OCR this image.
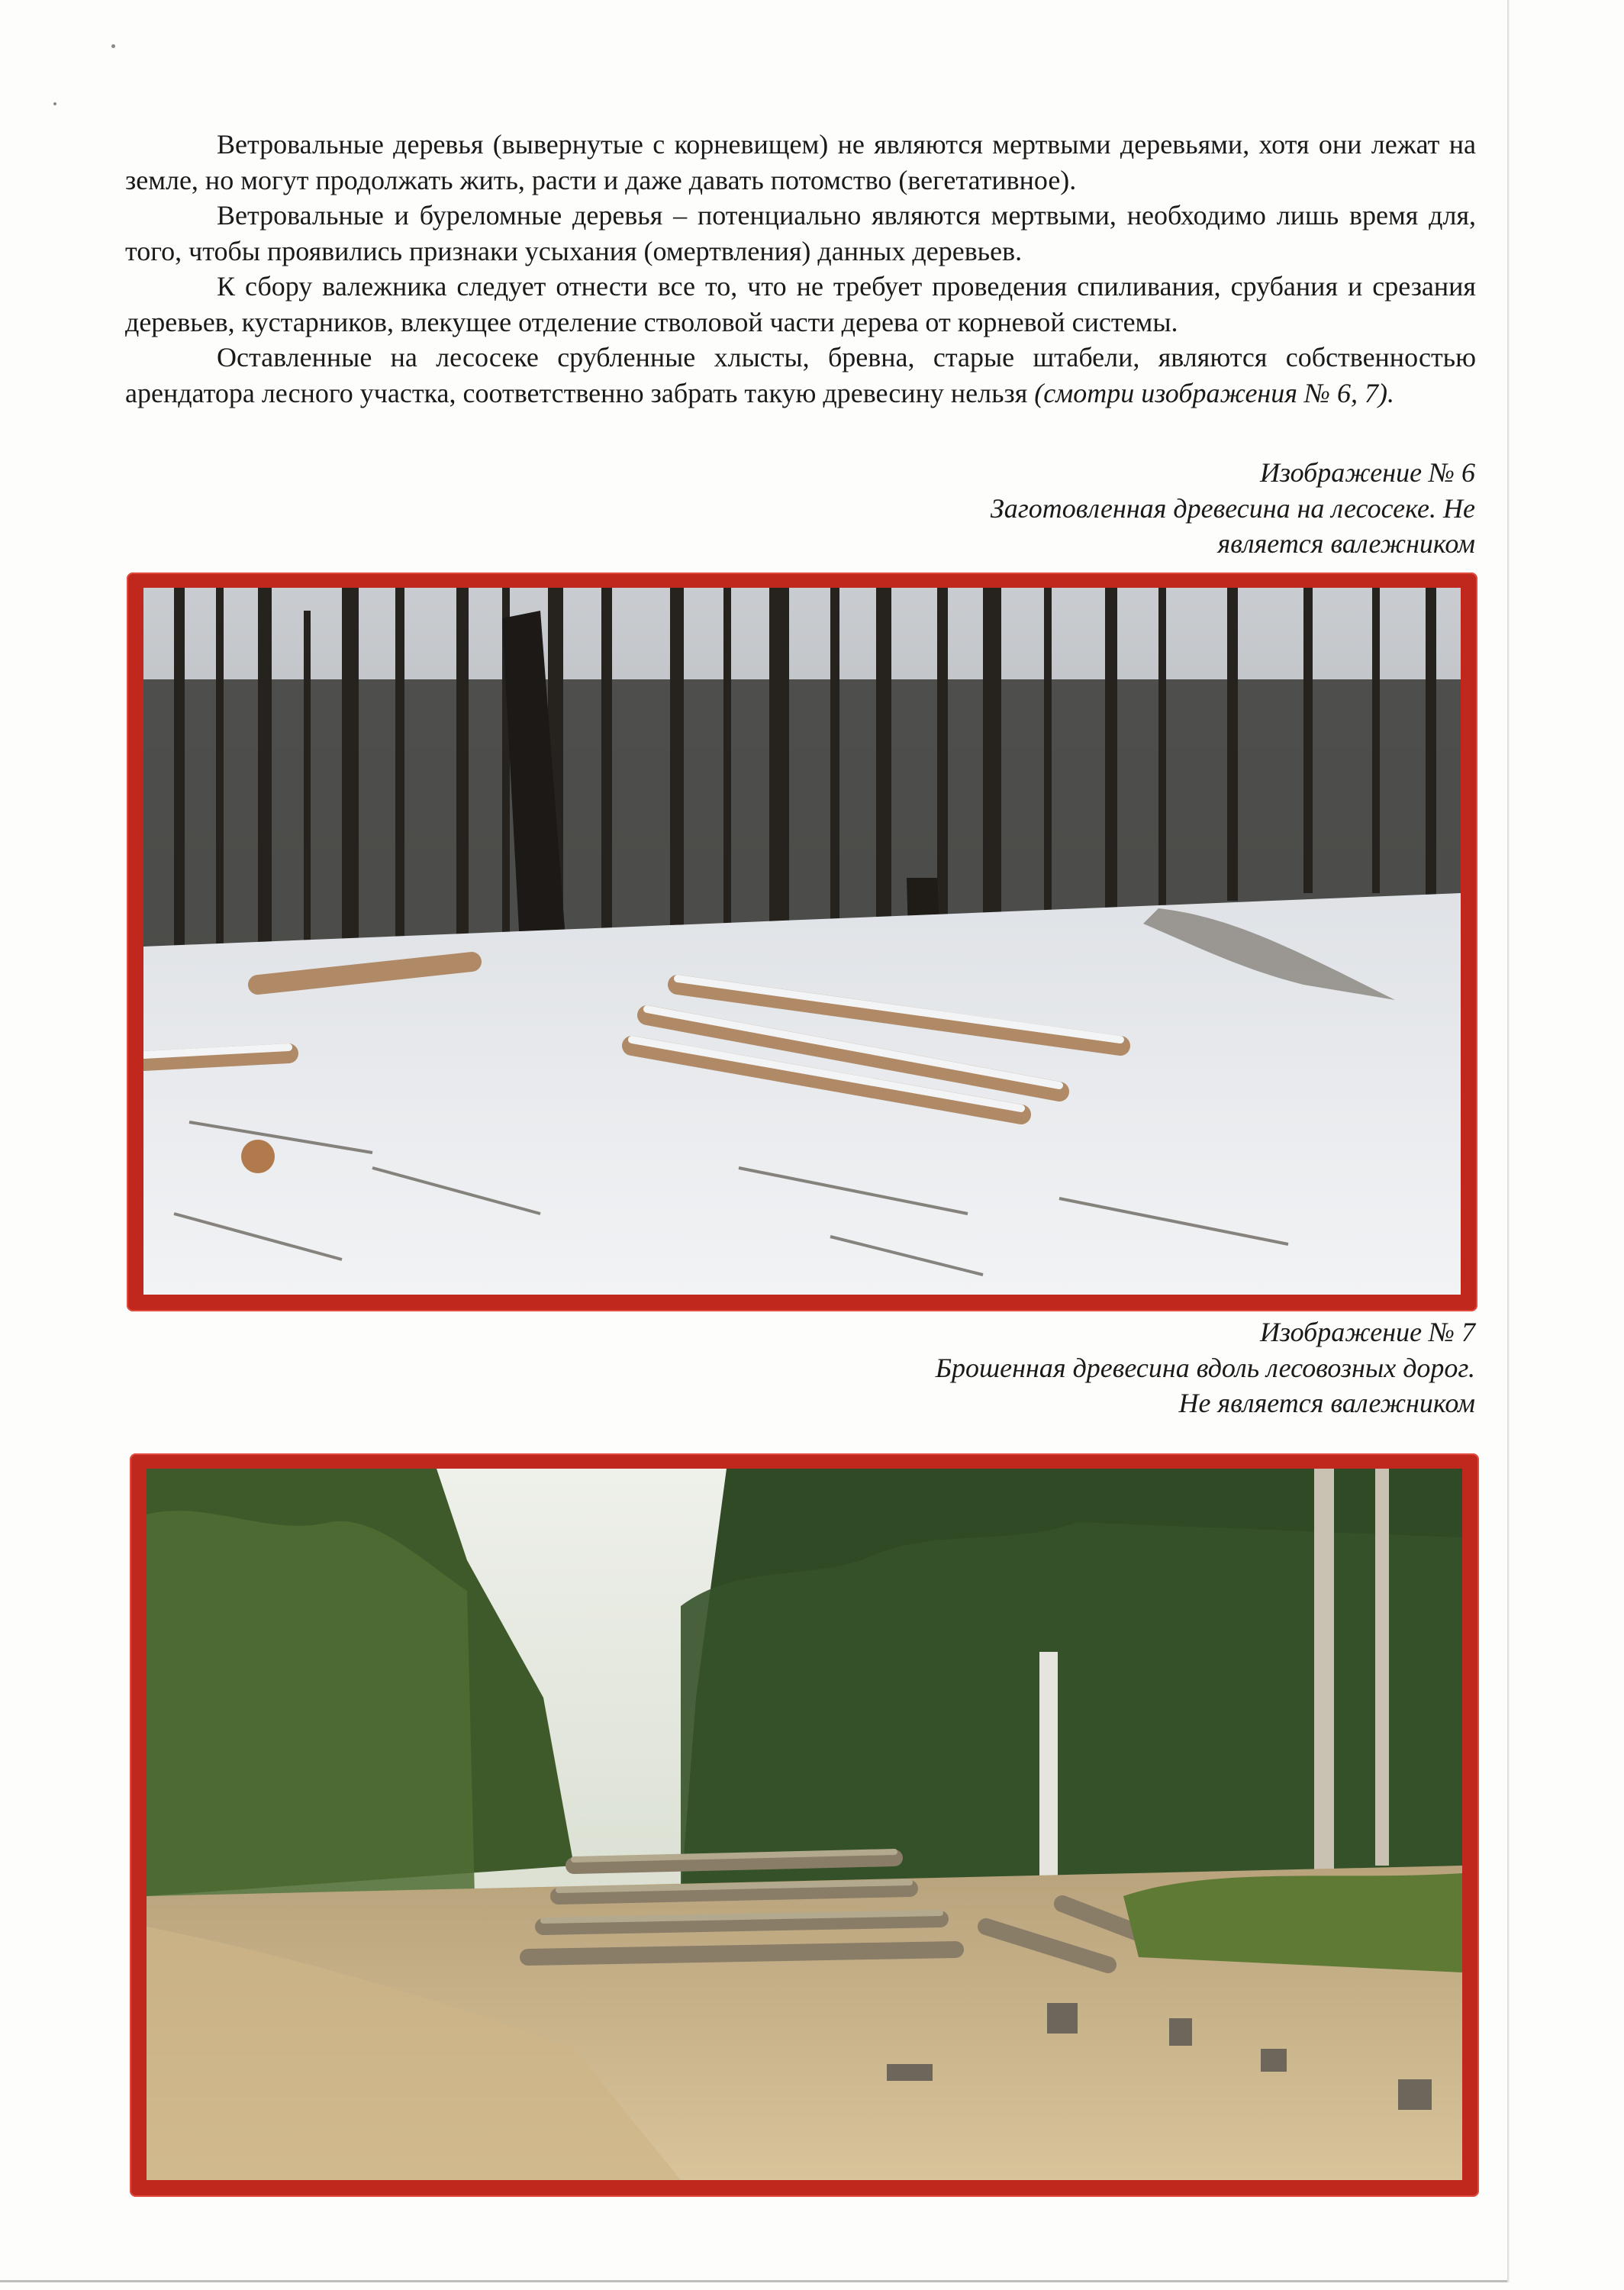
Ветровальные деревья (вывернутые с корневищем) не являются мертвыми деревьями, хотя они лежат на земле, но могут продолжать жить, расти и даже давать потомство (вегетативное).

Ветровальные и буреломные деревья – потенциально являются мертвыми, необходимо лишь время для, того, чтобы проявились признаки усыхания (омертвления) данных деревьев.

К сбору валежника следует отнести все то, что не требует проведения спиливания, срубания и срезания деревьев, кустарников, влекущее отделение стволовой части дерева от корневой системы.

Оставленные на лесосеке срубленные хлысты, бревна, старые штабели, являются собственностью арендатора лесного участка, соответственно забрать такую древесину нельзя (смотри изображения № 6, 7).

Изображение № 6
Заготовленная древесина на лесосеке. Не
является валежником
Изображение № 7
Брошенная древесина вдоль лесовозных дорог.
Не является валежником
